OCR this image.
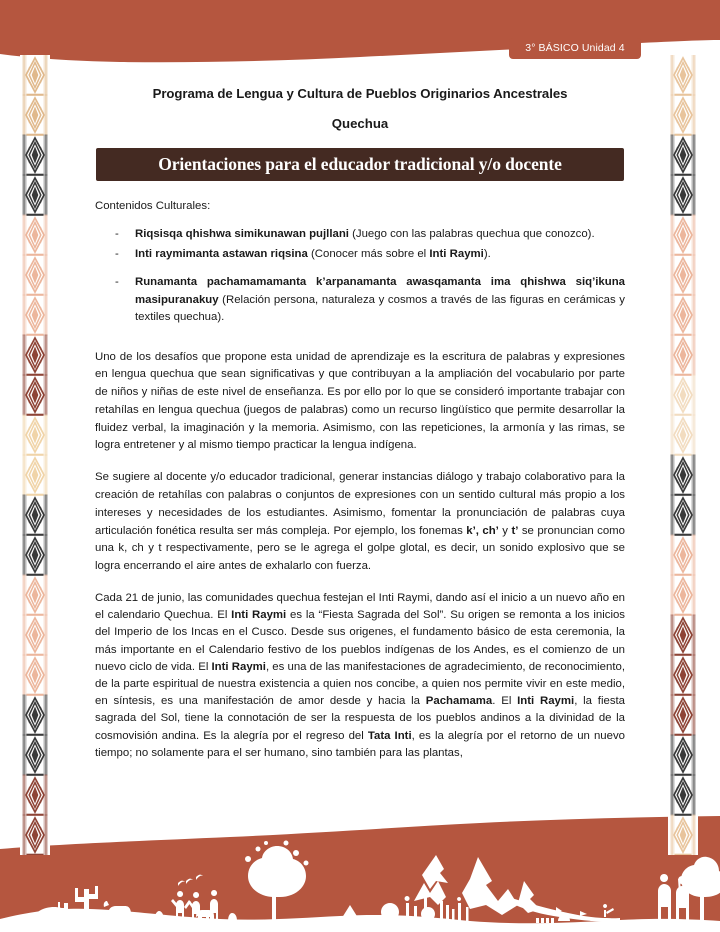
3° BÁSICO Unidad 4
Programa de Lengua y Cultura de Pueblos Originarios Ancestrales
Quechua
Orientaciones para el educador tradicional y/o docente
Contenidos Culturales:
- Riqsisqa qhishwa simikunawan pujllani (Juego con las palabras quechua que conozco).
- Inti raymimanta astawan riqsina (Conocer más sobre el Inti Raymi).
- Runamanta pachamamamanta k’arpanamanta awasqamanta ima qhishwa siq’ikuna masipuranakuy (Relación persona, naturaleza y cosmos a través de las figuras en cerámicas y textiles quechua).

Uno de los desafíos que propone esta unidad de aprendizaje es la escritura de palabras y expresiones en lengua quechua que sean significativas y que contribuyan a la ampliación del vocabulario por parte de niños y niñas de este nivel de enseñanza. Es por ello por lo que se consideró importante trabajar con retahílas en lengua quechua (juegos de palabras) como un recurso lingüístico que permite desarrollar la fluidez verbal, la imaginación y la memoria. Asimismo, con las repeticiones, la armonía y las rimas, se logra entretener y al mismo tiempo practicar la lengua indígena.

Se sugiere al docente y/o educador tradicional, generar instancias diálogo y trabajo colaborativo para la creación de retahílas con palabras o conjuntos de expresiones con un sentido cultural más propio a los intereses y necesidades de los estudiantes. Asimismo, fomentar la pronunciación de palabras cuya articulación fonética resulta ser más compleja. Por ejemplo, los fonemas k’, ch’ y t’ se pronuncian como una k, ch y t respectivamente, pero se le agrega el golpe glotal, es decir, un sonido explosivo que se logra encerrando el aire antes de exhalarlo con fuerza.

Cada 21 de junio, las comunidades quechua festejan el Inti Raymi, dando así el inicio a un nuevo año en el calendario Quechua. El Inti Raymi es la “Fiesta Sagrada del Sol”. Su origen se remonta a los inicios del Imperio de los Incas en el Cusco. Desde sus origenes, el fundamento básico de esta ceremonia, la más importante en el Calendario festivo de los pueblos indígenas de los Andes, es el comienzo de un nuevo ciclo de vida. El Inti Raymi, es una de las manifestaciones de agradecimiento, de reconocimiento, de la parte espiritual de nuestra existencia a quien nos concibe, a quien nos permite vivir en este medio, en síntesis, es una manifestación de amor desde y hacia la Pachamama. El Inti Raymi, la fiesta sagrada del Sol, tiene la connotación de ser la respuesta de los pueblos andinos a la divinidad de la cosmovisión andina. Es la alegría por el regreso del Tata Inti, es la alegría por el retorno de un nuevo tiempo; no solamente para el ser humano, sino también para las plantas,
